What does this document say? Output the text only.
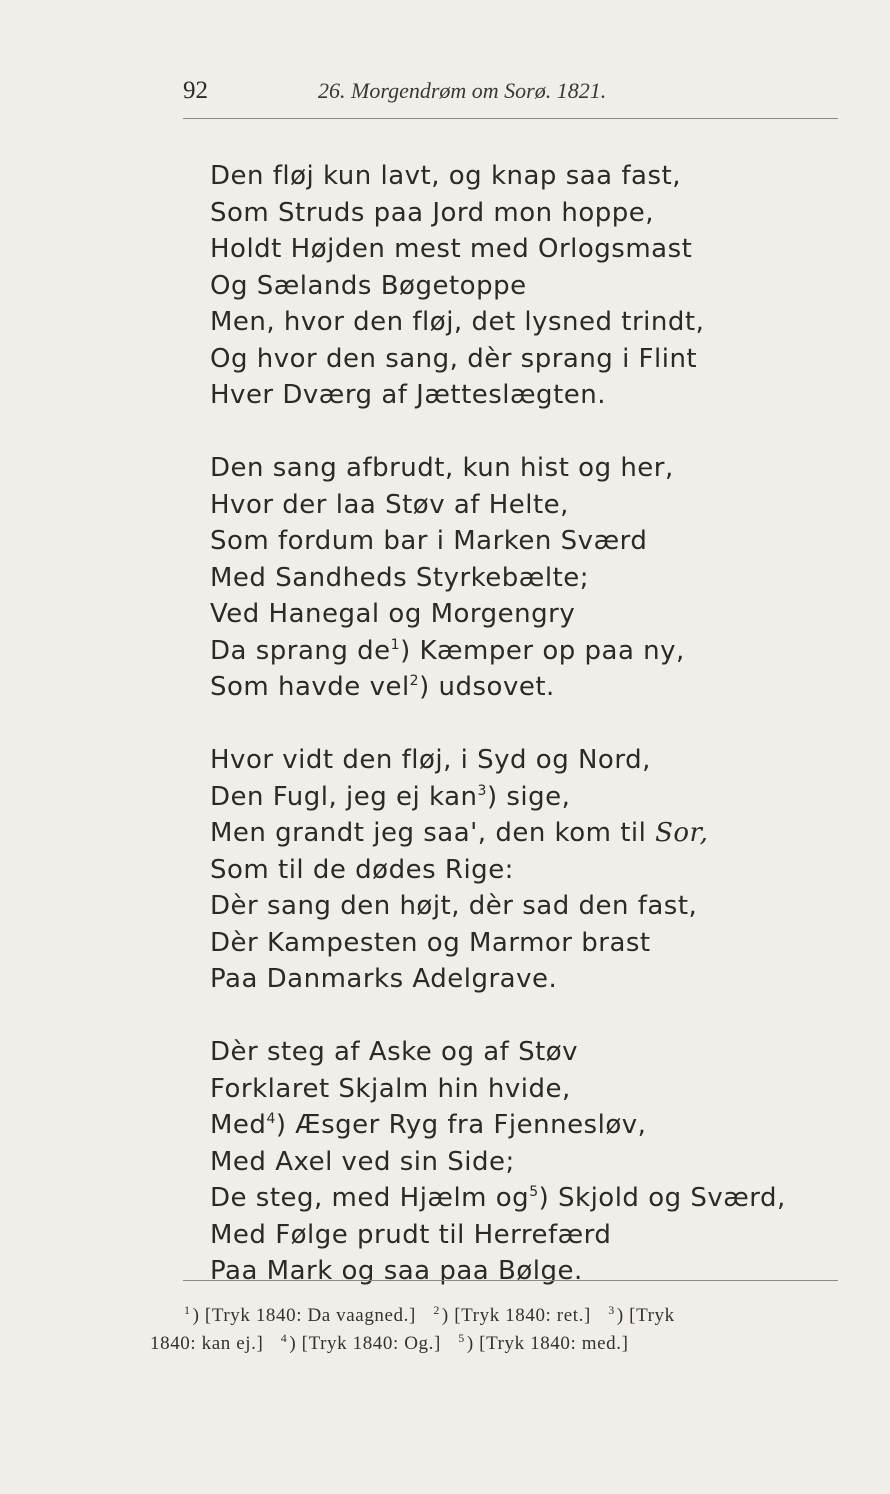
92	26. Morgendrøm om Sorø. 1821.
Den fløj kun lavt, og knap saa fast,
Som Struds paa Jord mon hoppe,
Holdt Højden mest med Orlogsmast
Og Sælands Bøgetoppe
Men, hvor den fløj, det lysned trindt,
Og hvor den sang, dèr sprang i Flint
Hver Dværg af Jætteslægten.
Den sang afbrudt, kun hist og her,
Hvor der laa Støv af Helte,
Som fordum bar i Marken Sværd
Med Sandheds Styrkebælte;
Ved Hanegal og Morgengry
Da sprang $de^1$) Kæmper op paa ny,
Som havde vel$^2$) udsovet.
Hvor vidt den fløj, i Syd og Nord,
Den Fugl, jeg ej kan$^3$) sige,
Men grandt jeg saa', den kom til Sor,
Som til de dødes Rige:
Dèr sang den højt, dèr sad den fast,
Dèr Kampesten og Marmor brast
Paa Danmarks Adelgrave.
Dèr steg af Aske og af Støv
Forklaret Skjalm hin hvide,
Med$^4$) Æsger Ryg fra Fjennesløv,
Med Axel ved sin Side;
De steg, med Hjælm $og^5$) Skjold og Sværd,
Med Følge prudt til Herrefærd
Paa Mark og saa paa Bølge.
$^1$ ) [Tryk 1840: Da vaagned.] $^2$ ) [Tryk 1840: ret.] $^3$ ) [Tryk
1840: kan ej.] $^4$ ) [Tryk 1840: Og.] $^5$ ) [Tryk 1840: med.]
